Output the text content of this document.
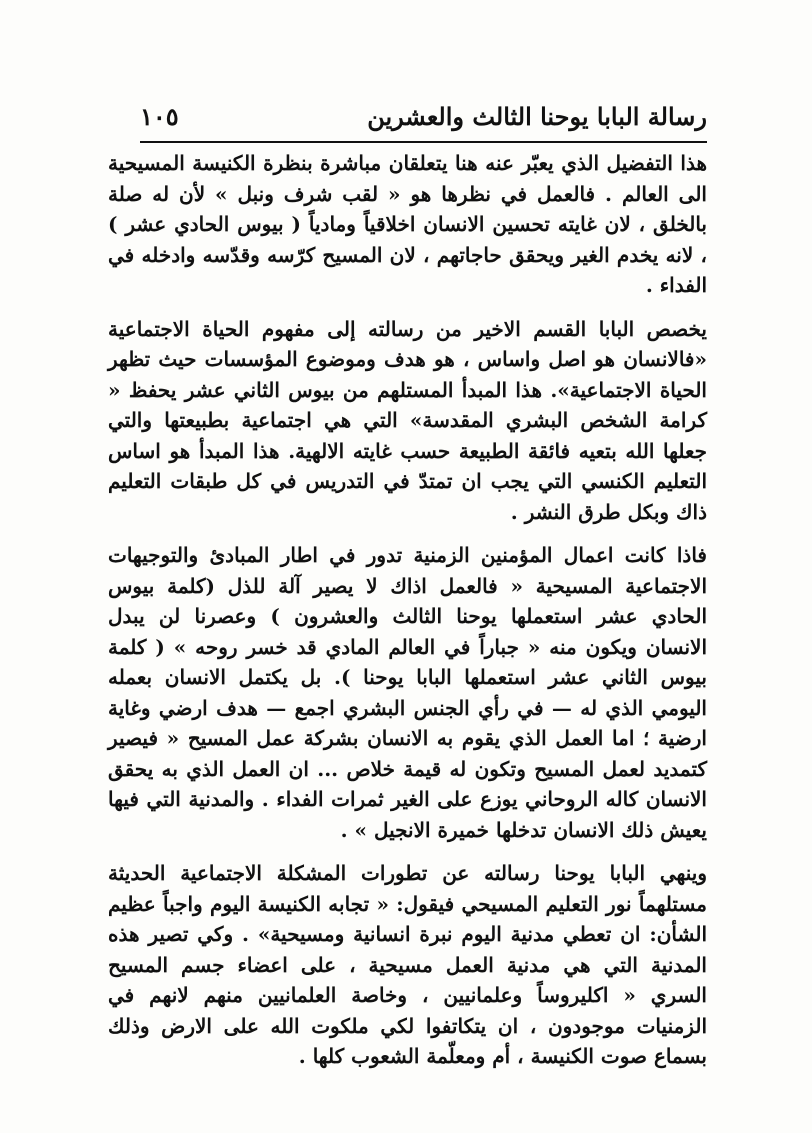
رسالة البابا يوحنا الثالث والعشرين
١٠٥

هذا التفضيل الذي يعبّر عنه هنا يتعلقان مباشرة بنظرة الكنيسة المسيحية الى العالم . فالعمل في نظرها هو « لقب شرف ونبل » لأن له صلة بالخلق ، لان غايته تحسين الانسان اخلاقياً ومادياً ( بيوس الحادي عشر ) ، لانه يخدم الغير ويحقق حاجاتهم ، لان المسيح كرّسه وقدّسه وادخله في الفداء .

يخصص البابا القسم الاخير من رسالته إلى مفهوم الحياة الاجتماعية «فالانسان هو اصل واساس ، هو هدف وموضوع المؤسسات حيث تظهر الحياة الاجتماعية». هذا المبدأ المستلهم من بيوس الثاني عشر يحفظ « كرامة الشخص البشري المقدسة» التي هي اجتماعية بطبيعتها والتي جعلها الله بتعيه فائقة الطبيعة حسب غايته الالهية. هذا المبدأ هو اساس التعليم الكنسي التي يجب ان تمتدّ في التدريس في كل طبقات التعليم ذاك وبكل طرق النشر .

فاذا كانت اعمال المؤمنين الزمنية تدور في اطار المبادئ والتوجيهات الاجتماعية المسيحية « فالعمل اذاك لا يصير آلة للذل (كلمة بيوس الحادي عشر استعملها يوحنا الثالث والعشرون ) وعصرنا لن يبدل الانسان ويكون منه « جباراً في العالم المادي قد خسر روحه » ( كلمة بيوس الثاني عشر استعملها البابا يوحنا ). بل يكتمل الانسان بعمله اليومي الذي له — في رأي الجنس البشري اجمع — هدف ارضي وغاية ارضية ؛ اما العمل الذي يقوم به الانسان بشركة عمل المسيح « فيصير كتمديد لعمل المسيح وتكون له قيمة خلاص ... ان العمل الذي به يحقق الانسان كاله الروحاني يوزع على الغير ثمرات الفداء . والمدنية التي فيها يعيش ذلك الانسان تدخلها خميرة الانجيل » .

وينهي البابا يوحنا رسالته عن تطورات المشكلة الاجتماعية الحديثة مستلهماً نور التعليم المسيحي فيقول: « تجابه الكنيسة اليوم واجباً عظيم الشأن: ان تعطي مدنية اليوم نبرة انسانية ومسيحية» . وكي تصير هذه المدنية التي هي مدنية العمل مسيحية ، على اعضاء جسم المسيح السري « اكليروساً وعلمانيين ، وخاصة العلمانيين منهم لانهم في الزمنيات موجودون ، ان يتكاتفوا لكي ملكوت الله على الارض وذلك بسماع صوت الكنيسة ، أم ومعلّمة الشعوب كلها .
